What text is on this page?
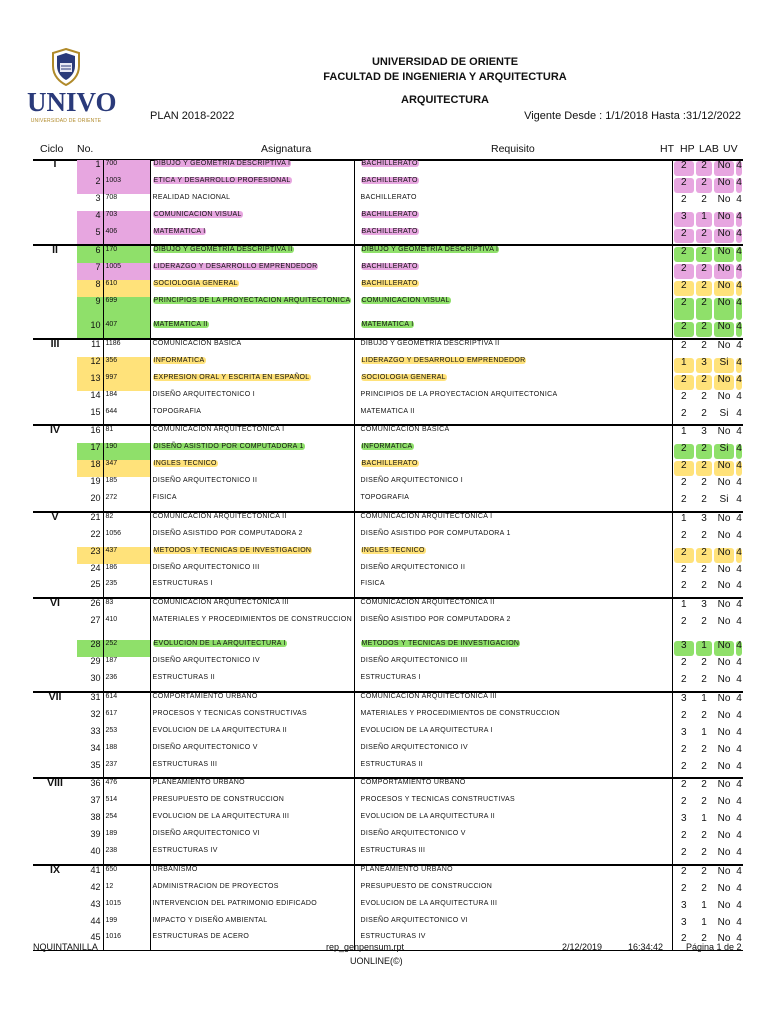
UNIVO
UNIVERSIDAD DE ORIENTE
UNIVERSIDAD DE ORIENTE
FACULTAD DE INGENIERIA Y ARQUITECTURA
ARQUITECTURA
PLAN 2018-2022	Vigente Desde : 1/1/2018 Hasta :31/12/2022
Ciclo No.	Asignatura	Requisito	HT HP LAB UV
I	1	700	DIBUJO Y GEOMETRIA DESCRIPTIVA I	BACHILLERATO	2	2	No	4
	2	1003	ETICA Y DESARROLLO PROFESIONAL	BACHILLERATO	2	2	No	4
	3	708	REALIDAD NACIONAL	BACHILLERATO	2	2	No	4
	4	703	COMUNICACION VISUAL	BACHILLERATO	3	1	No	4
	5	406	MATEMATICA I	BACHILLERATO	2	2	No	4
II	6	170	DIBUJO Y GEOMETRIA DESCRIPTIVA II	DIBUJO Y GEOMETRIA DESCRIPTIVA I	2	2	No	4
	7	1005	LIDERAZGO Y DESARROLLO EMPRENDEDOR	BACHILLERATO	2	2	No	4
	8	610	SOCIOLOGIA GENERAL	BACHILLERATO	2	2	No	4
	9	699	PRINCIPIOS DE LA PROYECTACION ARQUITECTONICA	COMUNICACION VISUAL	2	2	No	4
	10	407	MATEMATICA II	MATEMATICA I	2	2	No	4
III	11	1186	COMUNICACION BASICA	DIBUJO Y GEOMETRIA DESCRIPTIVA II	2	2	No	4
	12	356	INFORMATICA	LIDERAZGO Y DESARROLLO EMPRENDEDOR	1	3	Si	4
	13	997	EXPRESION ORAL Y ESCRITA EN ESPAÑOL	SOCIOLOGIA GENERAL	2	2	No	4
	14	184	DISEÑO ARQUITECTONICO I	PRINCIPIOS DE LA PROYECTACION ARQUITECTONICA	2	2	No	4
	15	644	TOPOGRAFIA	MATEMATICA II	2	2	Si	4
IV	16	81	COMUNICACION ARQUITECTONICA I	COMUNICACION BASICA	1	3	No	4
	17	190	DISEÑO ASISTIDO POR COMPUTADORA 1	INFORMATICA	2	2	Si	4
	18	347	INGLES TECNICO	BACHILLERATO	2	2	No	4
	19	185	DISEÑO ARQUITECTONICO II	DISEÑO ARQUITECTONICO I	2	2	No	4
	20	272	FISICA	TOPOGRAFIA	2	2	Si	4
V	21	82	COMUNICACION ARQUITECTONICA II	COMUNICACION ARQUITECTONICA I	1	3	No	4
	22	1056	DISEÑO ASISTIDO POR COMPUTADORA 2	DISEÑO ASISTIDO POR COMPUTADORA 1	2	2	No	4
	23	437	METODOS Y TECNICAS DE INVESTIGACION	INGLES TECNICO	2	2	No	4
	24	186	DISEÑO ARQUITECTONICO III	DISEÑO ARQUITECTONICO II	2	2	No	4
	25	235	ESTRUCTURAS I	FISICA	2	2	No	4
VI	26	83	COMUNICACION ARQUITECTONICA III	COMUNICACION ARQUITECTONICA II	1	3	No	4
	27	410	MATERIALES Y PROCEDIMIENTOS DE CONSTRUCCION	DISEÑO ASISTIDO POR COMPUTADORA 2	2	2	No	4
	28	252	EVOLUCION DE LA ARQUITECTURA I	METODOS Y TECNICAS DE INVESTIGACION	3	1	No	4
	29	187	DISEÑO ARQUITECTONICO IV	DISEÑO ARQUITECTONICO III	2	2	No	4
	30	236	ESTRUCTURAS II	ESTRUCTURAS I	2	2	No	4
VII	31	614	COMPORTAMIENTO URBANO	COMUNICACION ARQUITECTONICA III	3	1	No	4
	32	617	PROCESOS Y TECNICAS CONSTRUCTIVAS	MATERIALES Y PROCEDIMIENTOS DE CONSTRUCCION	2	2	No	4
	33	253	EVOLUCION DE LA ARQUITECTURA II	EVOLUCION DE LA ARQUITECTURA I	3	1	No	4
	34	188	DISEÑO ARQUITECTONICO V	DISEÑO ARQUITECTONICO IV	2	2	No	4
	35	237	ESTRUCTURAS III	ESTRUCTURAS II	2	2	No	4
VIII	36	476	PLANEAMIENTO URBANO	COMPORTAMIENTO URBANO	2	2	No	4
	37	514	PRESUPUESTO DE CONSTRUCCION	PROCESOS Y TECNICAS CONSTRUCTIVAS	2	2	No	4
	38	254	EVOLUCION DE LA ARQUITECTURA III	EVOLUCION DE LA ARQUITECTURA II	3	1	No	4
	39	189	DISEÑO ARQUITECTONICO VI	DISEÑO ARQUITECTONICO V	2	2	No	4
	40	238	ESTRUCTURAS IV	ESTRUCTURAS III	2	2	No	4
IX	41	650	URBANISMO	PLANEAMIENTO URBANO	2	2	No	4
	42	12	ADMINISTRACION DE PROYECTOS	PRESUPUESTO DE CONSTRUCCION	2	2	No	4
	43	1015	INTERVENCION DEL PATRIMONIO EDIFICADO	EVOLUCION DE LA ARQUITECTURA III	3	1	No	4
	44	199	IMPACTO Y DISEÑO AMBIENTAL	DISEÑO ARQUITECTONICO VI	3	1	No	4
	45	1016	ESTRUCTURAS DE ACERO	ESTRUCTURAS IV	2	2	No	4
NQUINTANILLA	rep_genpensum.rpt
UONLINE(©)
2/12/2019	16:34:42	Página 1 de 2
